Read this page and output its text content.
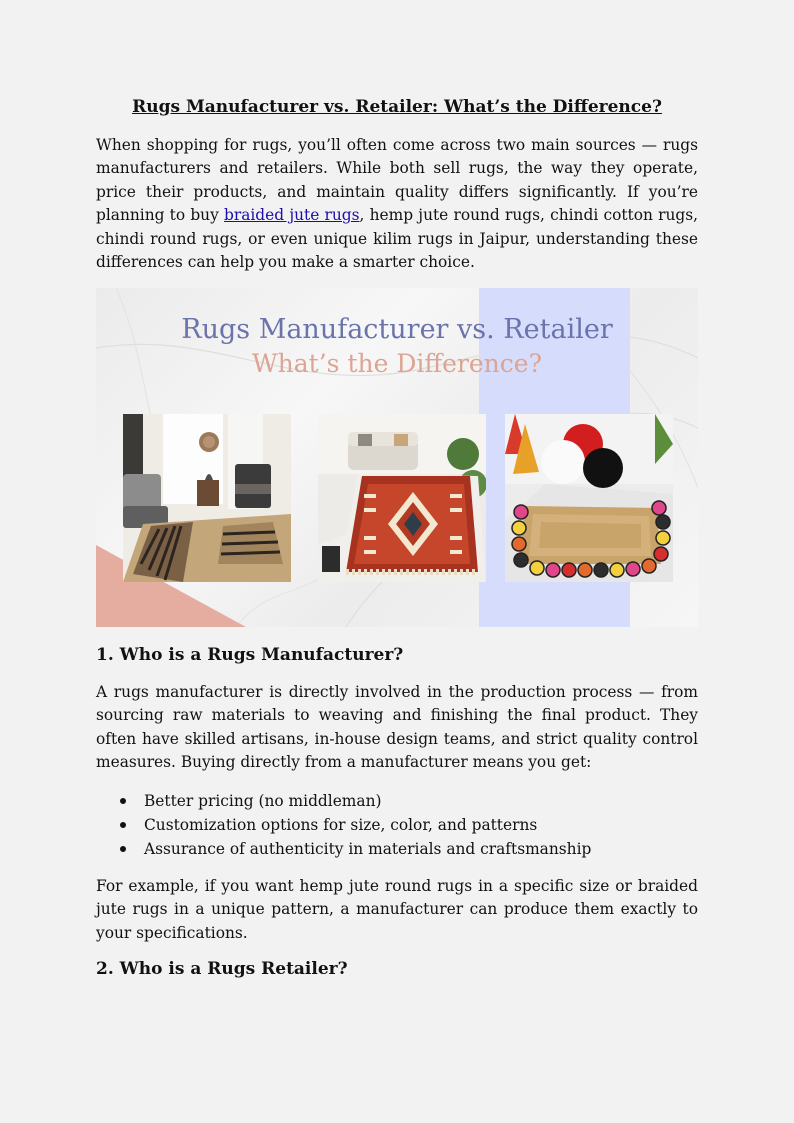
Rugs Manufacturer vs. Retailer: What’s the Difference?

When shopping for rugs, you’ll often come across two main sources — rugs manufacturers and retailers. While both sell rugs, the way they operate, price their products, and maintain quality differs significantly. If you’re planning to buy braided jute rugs, hemp jute round rugs, chindi cotton rugs, chindi round rugs, or even unique kilim rugs in Jaipur, understanding these differences can help you make a smarter choice.

Rugs Manufacturer vs. Retailer
What’s the Difference?
1. Who is a Rugs Manufacturer?

A rugs manufacturer is directly involved in the production process — from sourcing raw materials to weaving and finishing the final product. They often have skilled artisans, in-house design teams, and strict quality control measures. Buying directly from a manufacturer means you get:

Better pricing (no middleman)
Customization options for size, color, and patterns
Assurance of authenticity in materials and craftsmanship

For example, if you want hemp jute round rugs in a specific size or braided jute rugs in a unique pattern, a manufacturer can produce them exactly to your specifications.

2. Who is a Rugs Retailer?
